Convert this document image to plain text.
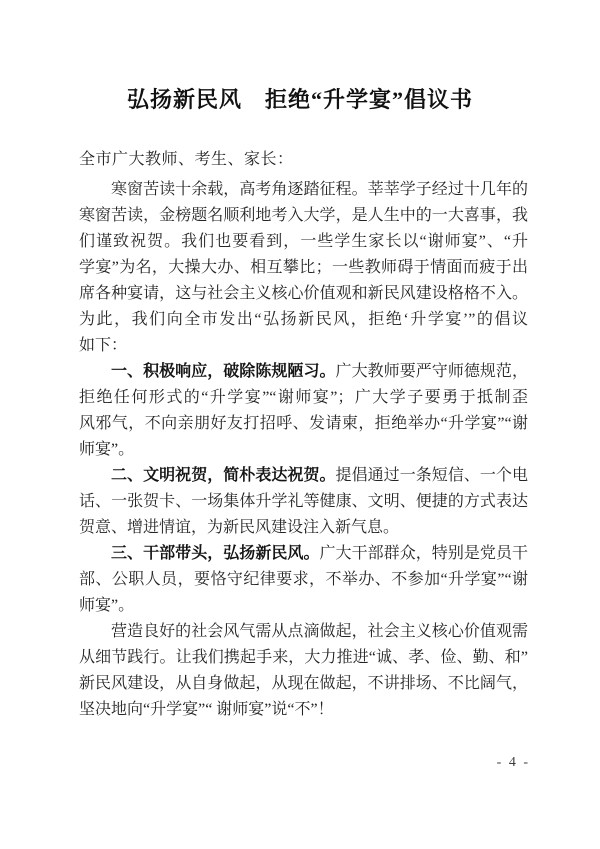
弘扬新民风　拒绝“升学宴”倡议书
全市广大教师、考生、家长：
寒窗苦读十余载，高考角逐踏征程。莘莘学子经过十几年的
寒窗苦读，金榜题名顺利地考入大学，是人生中的一大喜事，我
们谨致祝贺。我们也要看到，一些学生家长以“谢师宴”、“升
学宴”为名，大操大办、相互攀比；一些教师碍于情面而疲于出
席各种宴请，这与社会主义核心价值观和新民风建设格格不入。
为此，我们向全市发出“弘扬新民风，拒绝‘升学宴’”的倡议
如下：
一、积极响应，破除陈规陋习。广大教师要严守师德规范，
拒绝任何形式的“升学宴”“谢师宴”；广大学子要勇于抵制歪
风邪气，不向亲朋好友打招呼、发请柬，拒绝举办“升学宴”“谢
师宴”。
二、文明祝贺，简朴表达祝贺。提倡通过一条短信、一个电
话、一张贺卡、一场集体升学礼等健康、文明、便捷的方式表达
贺意、增进情谊，为新民风建设注入新气息。
三、干部带头，弘扬新民风。广大干部群众，特别是党员干
部、公职人员，要恪守纪律要求，不举办、不参加“升学宴”“谢
师宴”。
营造良好的社会风气需从点滴做起，社会主义核心价值观需
从细节践行。让我们携起手来，大力推进“诚、孝、俭、勤、和”
新民风建设，从自身做起，从现在做起，不讲排场、不比阔气，
坚决地向“升学宴”“ 谢师宴”说“不”！
- 4 -
